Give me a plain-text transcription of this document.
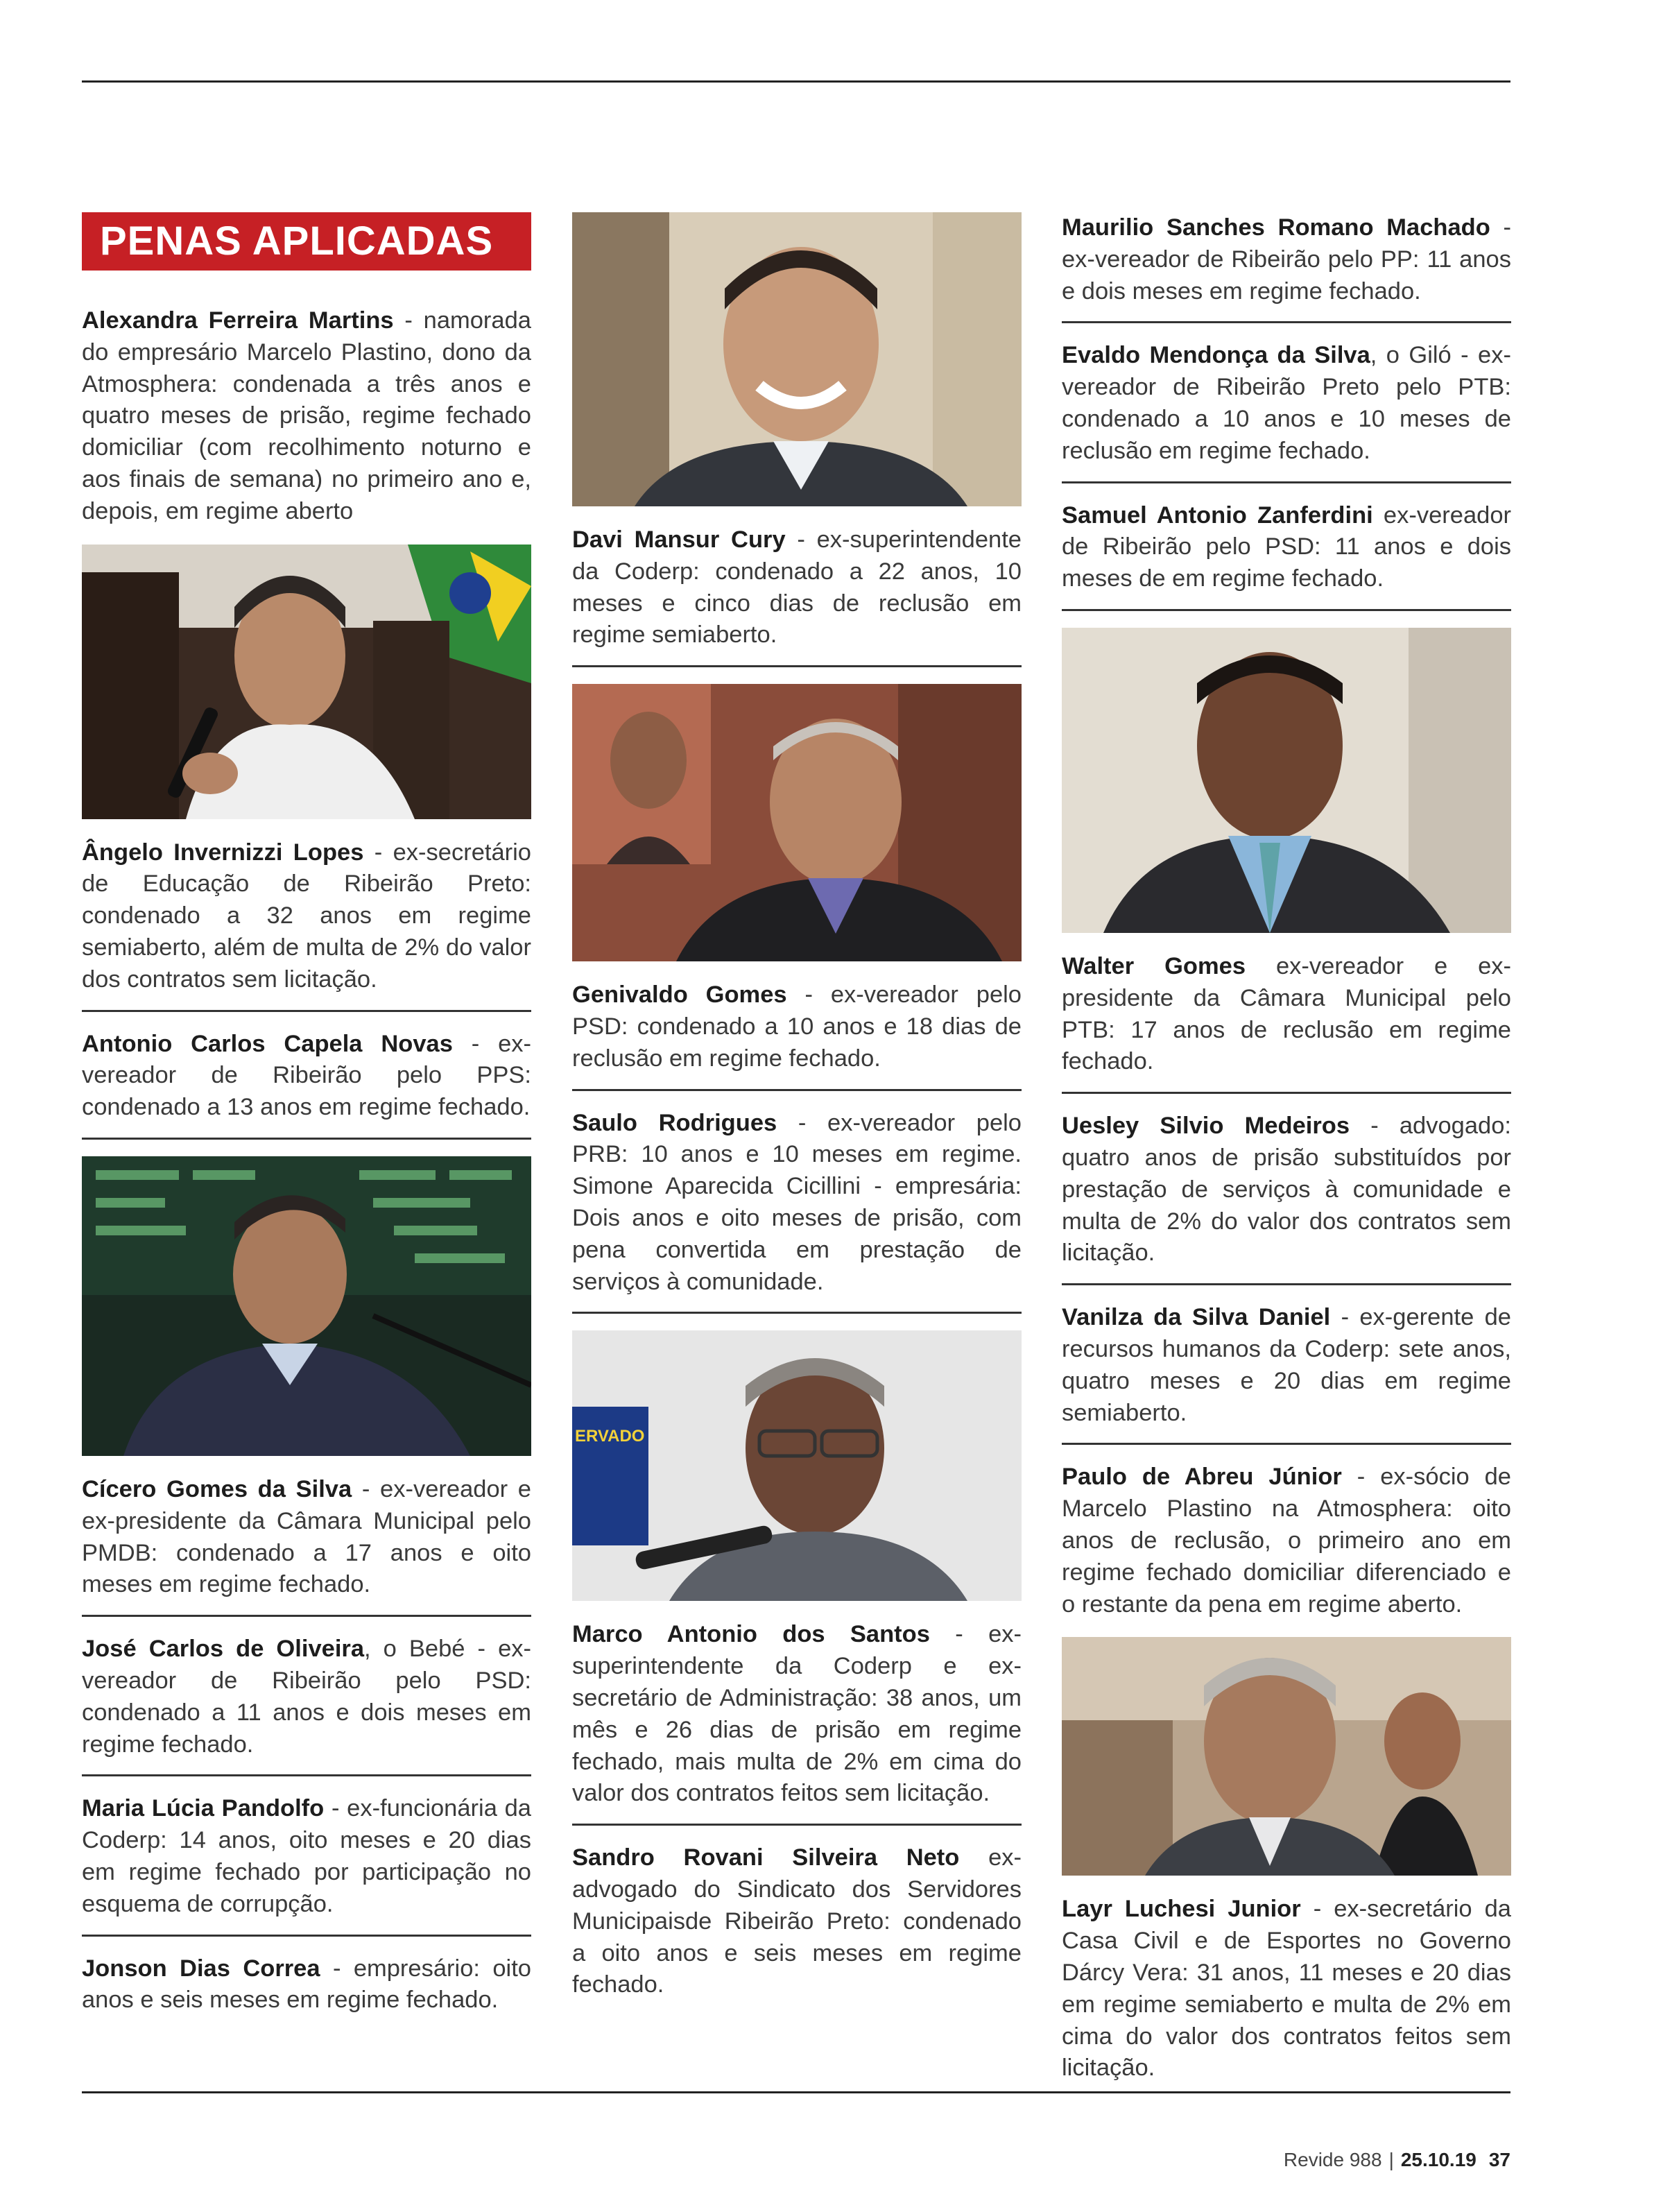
PENAS APLICADAS
Alexandra Ferreira Martins - namorada do empresário Marcelo Plastino, dono da Atmosphera: condenada a três anos e quatro meses de prisão, regime fechado domiciliar (com recolhimento noturno e aos finais de semana) no primeiro ano e, depois, em regime aberto
Ângelo Invernizzi Lopes - ex-secretário de Educação de Ribeirão Preto: condenado a 32 anos em regime semiaberto, além de multa de 2% do valor dos contratos sem licitação.
Antonio Carlos Capela Novas - ex-vereador de Ribeirão pelo PPS: condenado a 13 anos em regime fechado.
Cícero Gomes da Silva - ex-vereador e ex-presidente da Câmara Municipal pelo PMDB: condenado a 17 anos e oito meses em regime fechado.
José Carlos de Oliveira, o Bebé - ex-vereador de Ribeirão pelo PSD: condenado a 11 anos e dois meses em regime fechado.
Maria Lúcia Pandolfo - ex-funcionária da Coderp: 14 anos, oito meses e 20 dias em regime fechado por participação no esquema de corrupção.
Jonson Dias Correa - empresário: oito anos e seis meses em regime fechado.
Davi Mansur Cury - ex-superintendente da Coderp: condenado a 22 anos, 10 meses e cinco dias de reclusão em regime semiaberto.
Genivaldo Gomes - ex-vereador pelo PSD: condenado a 10 anos e 18 dias de reclusão em regime fechado.
Saulo Rodrigues - ex-vereador pelo PRB: 10 anos e 10 meses em regime. Simone Aparecida Cicillini - empresária: Dois anos e oito meses de prisão, com pena convertida em prestação de serviços à comunidade.
ERVADO
Marco Antonio dos Santos - ex-superintendente da Coderp e ex-secretário de Administração: 38 anos, um mês e 26 dias de prisão em regime fechado, mais multa de 2% em cima do valor dos contratos feitos sem licitação.
Sandro Rovani Silveira Neto ex-advogado do Sindicato dos Servidores Municipaisde Ribeirão Preto: condenado a oito anos e seis meses em regime fechado.
Maurilio Sanches Romano Machado - ex-vereador de Ribeirão pelo PP: 11 anos e dois meses em regime fechado.
Evaldo Mendonça da Silva, o Giló - ex-vereador de Ribeirão Preto pelo PTB: condenado a 10 anos e 10 meses de reclusão em regime fechado.
Samuel Antonio Zanferdini ex-vereador de Ribeirão pelo PSD: 11 anos e dois meses de em regime fechado.
Walter Gomes ex-vereador e ex-presidente da Câmara Municipal pelo PTB: 17 anos de reclusão em regime fechado.
Uesley Silvio Medeiros - advogado: quatro anos de prisão substituídos por prestação de serviços à comunidade e multa de 2% do valor dos contratos sem licitação.
Vanilza da Silva Daniel - ex-gerente de recursos humanos da Coderp: sete anos, quatro meses e 20 dias em regime semiaberto.
Paulo de Abreu Júnior - ex-sócio de Marcelo Plastino na Atmosphera: oito anos de reclusão, o primeiro ano em regime fechado domiciliar diferenciado e o restante da pena em regime aberto.
Layr Luchesi Junior - ex-secretário da Casa Civil e de Esportes no Governo Dárcy Vera: 31 anos, 11 meses e 20 dias em regime semiaberto e multa de 2% em cima do valor dos contratos feitos sem licitação.
Revide 988 | 25.10.19 37
